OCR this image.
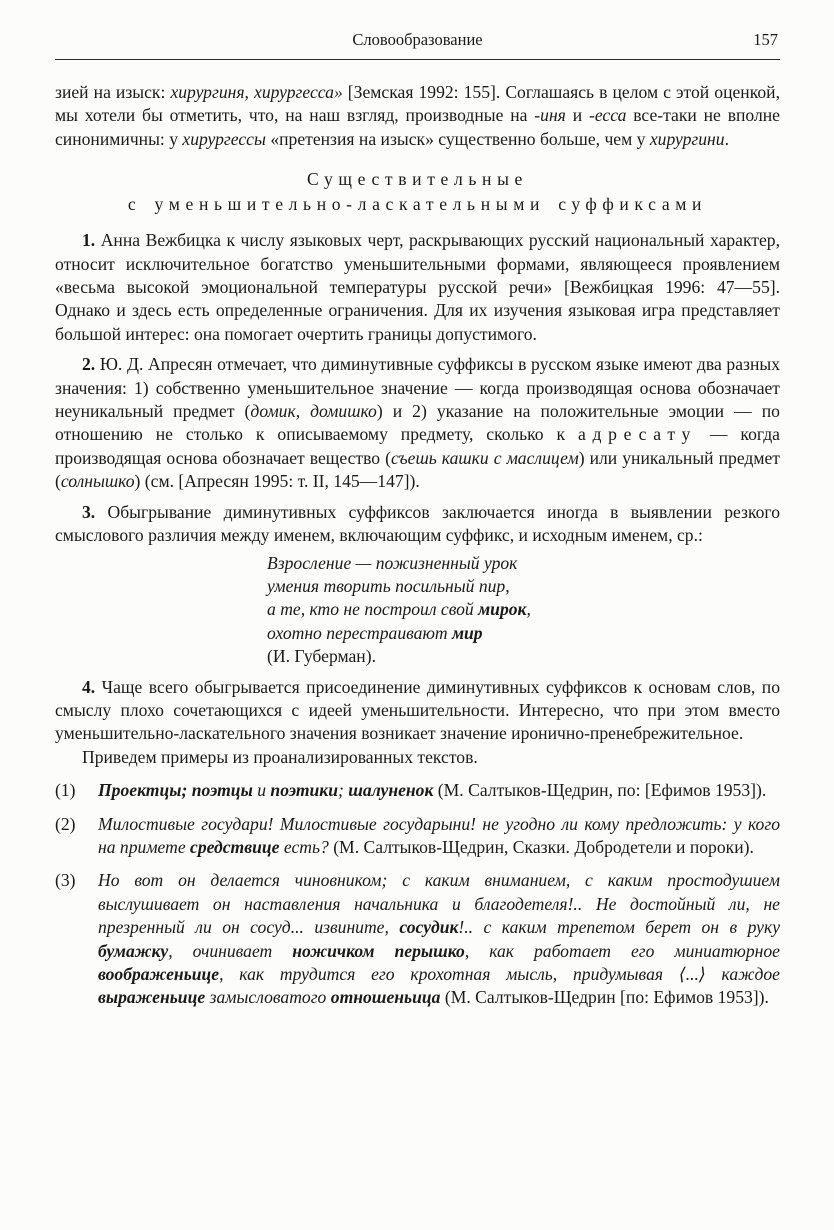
Словообразование	157

зией на изыск: хирургиня, хирургесса» [Земская 1992: 155]. Соглашаясь в целом с этой оценкой, мы хотели бы отметить, что, на наш взгляд, производные на -иня и -есса все-таки не вполне синонимичны: у хирургессы «претензия на изыск» существенно больше, чем у хирургини.

Существительные
с уменьшительно-ласкательными суффиксами

1. Анна Вежбицка к числу языковых черт, раскрывающих русский национальный характер, относит исключительное богатство уменьшительными формами, являющееся проявлением «весьма высокой эмоциональной температуры русской речи» [Вежбицкая 1996: 47—55]. Однако и здесь есть определенные ограничения. Для их изучения языковая игра представляет большой интерес: она помогает очертить границы допустимого.

2. Ю. Д. Апресян отмечает, что диминутивные суффиксы в русском языке имеют два разных значения: 1) собственно уменьшительное значение — когда производящая основа обозначает неуникальный предмет (домик, домишко) и 2) указание на положительные эмоции — по отношению не столько к описываемому предмету, сколько к адресату — когда производящая основа обозначает вещество (съешь кашки с маслицем) или уникальный предмет (солнышко) (см. [Апресян 1995: т. II, 145—147]).

3. Обыгрывание диминутивных суффиксов заключается иногда в выявлении резкого смыслового различия между именем, включающим суффикс, и исходным именем, ср.:

Взросление — пожизненный урок
умения творить посильный пир,
а те, кто не построил свой мирок,
охотно перестраивают мир
(И. Губерман).

4. Чаще всего обыгрывается присоединение диминутивных суффиксов к основам слов, по смыслу плохо сочетающихся с идеей уменьшительности. Интересно, что при этом вместо уменьшительно-ласкательного значения возникает значение иронично-пренебрежительное.

Приведем примеры из проанализированных текстов.

(1) Проектцы; поэтцы и поэтики; шалуненок (М. Салтыков-Щедрин, по: [Ефимов 1953]).
(2) Милостивые государи! Милостивые государыни! не угодно ли кому предложить: у кого на примете средствице есть? (М. Салтыков-Щедрин, Сказки. Добродетели и пороки).
(3) Но вот он делается чиновником; с каким вниманием, с каким простодушием выслушивает он наставления начальника и благодетеля!.. Не достойный ли, не презренный ли он сосуд... извините, сосудик!.. с каким трепетом берет он в руку бумажку, очинивает ножичком перышко, как работает его миниатюрное воображеньице, как трудится его крохотная мысль, придумывая ⟨...⟩ каждое выраженьице замысловатого отношеньица (М. Салтыков-Щедрин [по: Ефимов 1953]).
